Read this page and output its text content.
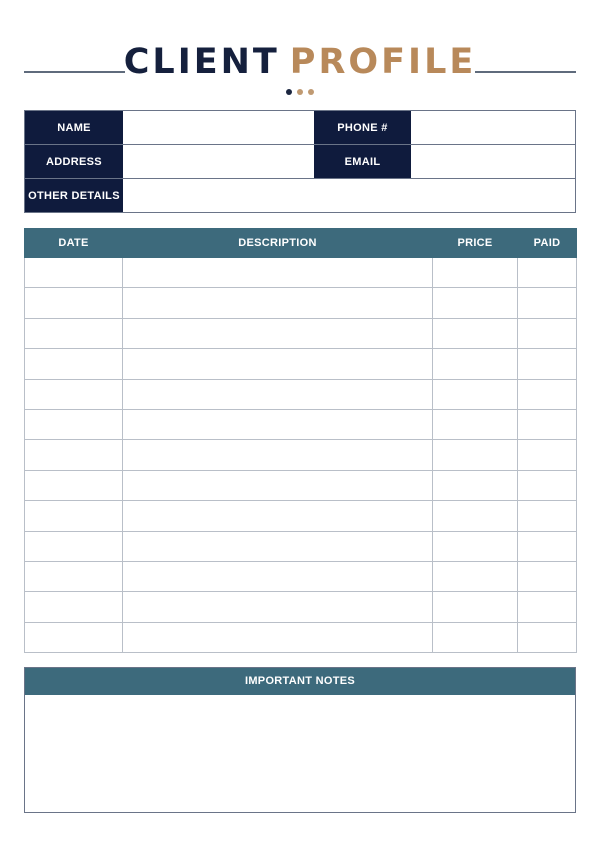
CLIENT PROFILE
NAME	PHONE #
ADDRESS	EMAIL
OTHER DETAILS
DATE	DESCRIPTION	PRICE	PAID

IMPORTANT NOTES
